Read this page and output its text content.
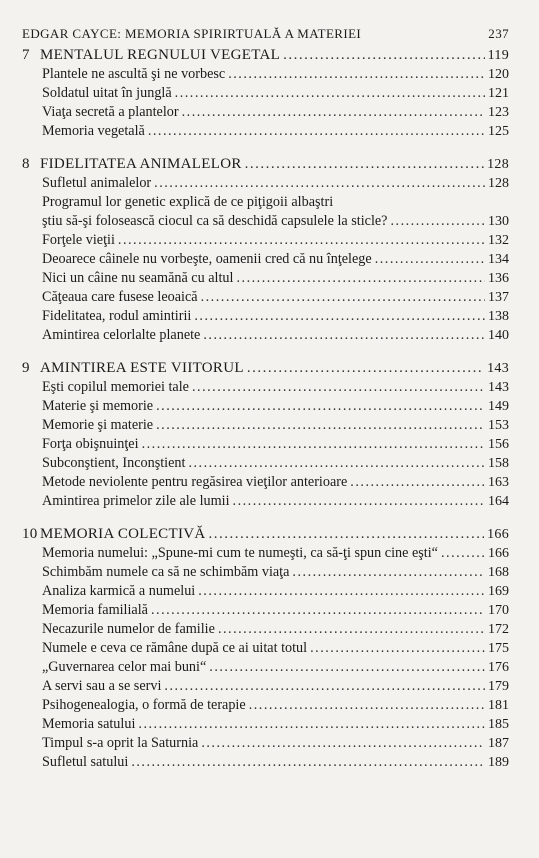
EDGAR CAYCE: MEMORIA SPIRIRTUALĂ A MATERIEI	237
7 MENTALUL REGNULUI VEGETAL .....	119
Plantele ne ascultă şi ne vorbesc .....	120
Soldatul uitat în junglă .....	121
Viaţa secretă a plantelor .....	123
Memoria vegetală .....	125
8 FIDELITATEA ANIMALELOR .....	128
Sufletul animalelor .....	128
Programul lor genetic explică de ce piţigoii albaştri
ştiu să-şi folosească ciocul ca să deschidă capsulele la sticle? .....	130
Forţele vieţii .....	132
Deoarece câinele nu vorbeşte, oamenii cred că nu înţelege .....	134
Nici un câine nu seamănă cu altul .....	136
Căţeaua care fusese leoaică .....	137
Fidelitatea, rodul amintirii .....	138
Amintirea celorlalte planete .....	140
9 AMINTIREA ESTE VIITORUL .....	143
Eşti copilul memoriei tale .....	143
Materie şi memorie .....	149
Memorie şi materie .....	153
Forţa obişnuinţei .....	156
Subconştient, Inconştient .....	158
Metode neviolente pentru regăsirea vieţilor anterioare .....	163
Amintirea primelor zile ale lumii .....	164
10 MEMORIA COLECTIVĂ .....	166
Memoria numelui: „Spune-mi cum te numeşti, ca să-ţi spun cine eşti“ .....	166
Schimbăm numele ca să ne schimbăm viaţa .....	168
Analiza karmică a numelui .....	169
Memoria familială .....	170
Necazurile numelor de familie .....	172
Numele e ceva ce rămâne după ce ai uitat totul .....	175
„Guvernarea celor mai buni“ .....	176
A servi sau a se servi .....	179
Psihogenealogia, o formă de terapie .....	181
Memoria satului .....	185
Timpul s-a oprit la Saturnia .....	187
Sufletul satului .....	189
